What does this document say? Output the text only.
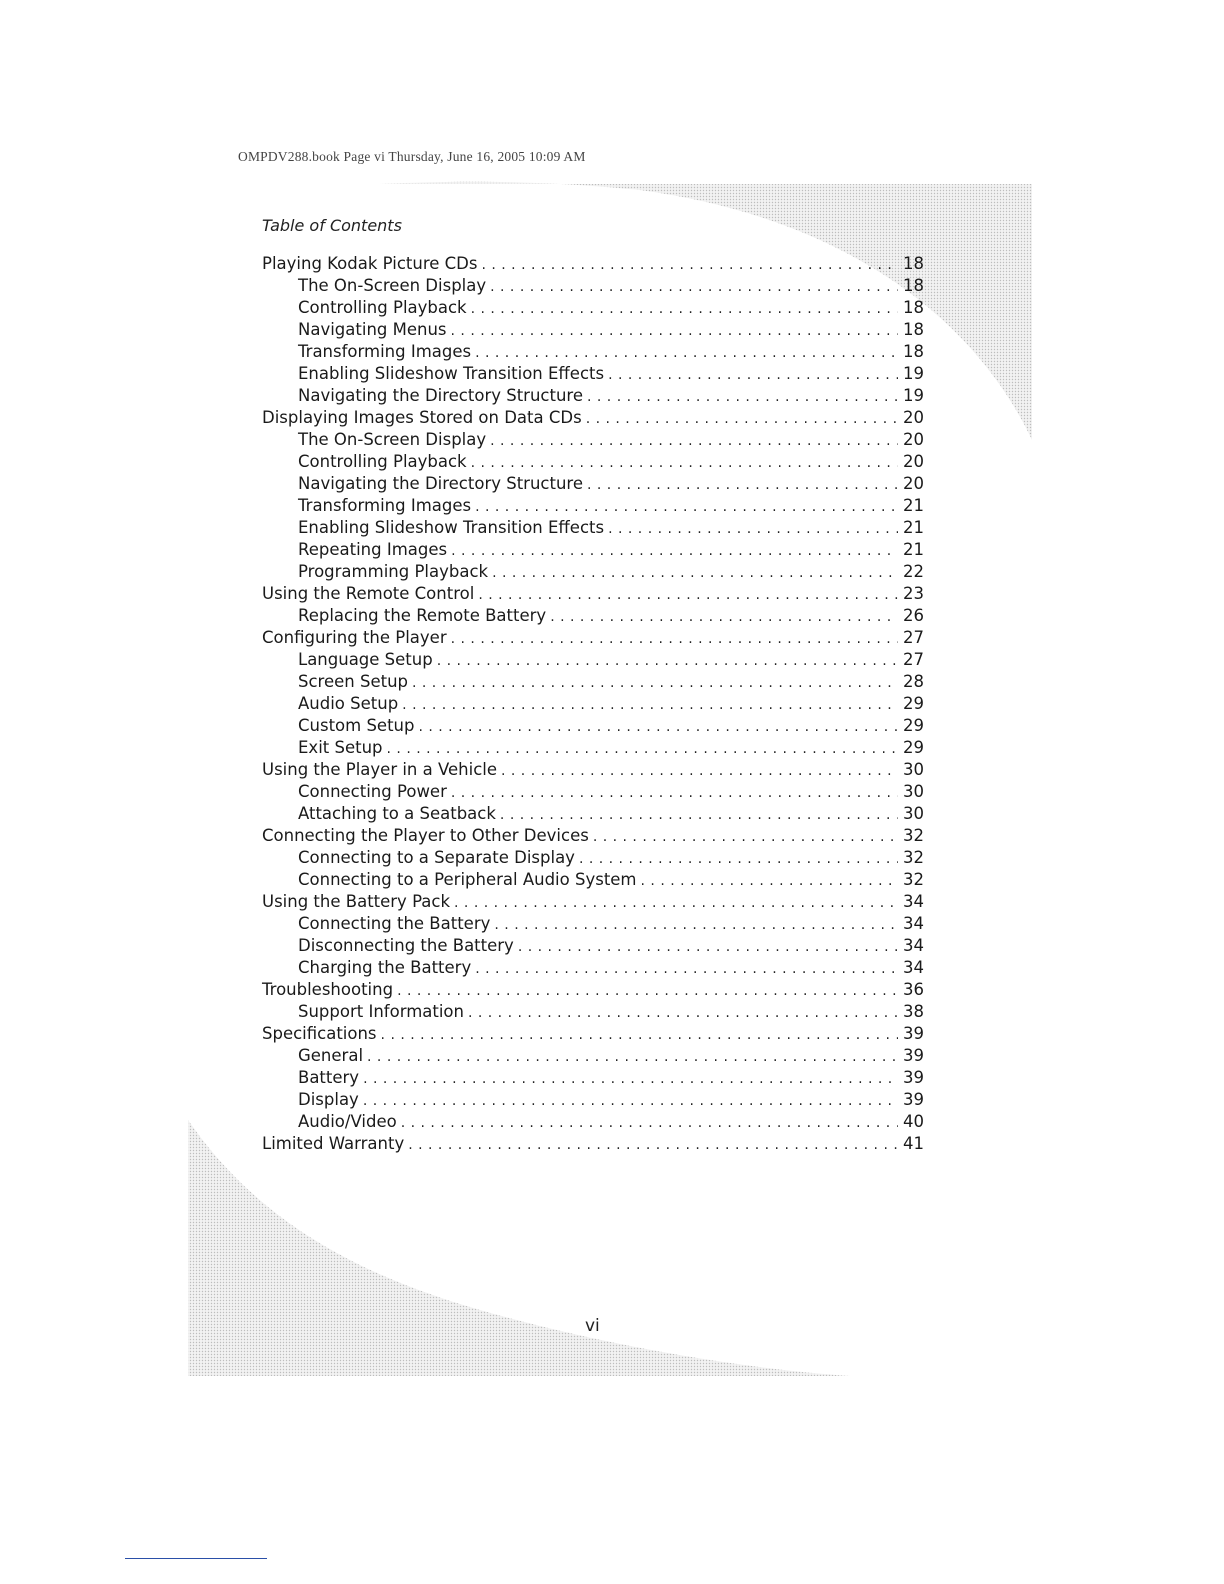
OMPDV288.book Page vi Thursday, June 16, 2005 10:09 AM
Table of Contents
Playing Kodak Picture CDs . . .	18
The On-Screen Display . . .	18
Controlling Playback . . .	18
Navigating Menus . . .	18
Transforming Images . . .	18
Enabling Slideshow Transition Effects . . .	19
Navigating the Directory Structure . . .	19
Displaying Images Stored on Data CDs . . .	20
The On-Screen Display . . .	20
Controlling Playback . . .	20
Navigating the Directory Structure . . .	20
Transforming Images . . .	21
Enabling Slideshow Transition Effects . . .	21
Repeating Images . . .	21
Programming Playback . . .	22
Using the Remote Control . . .	23
Replacing the Remote Battery . . .	26
Configuring the Player . . .	27
Language Setup . . .	27
Screen Setup . . .	28
Audio Setup . . .	29
Custom Setup . . .	29
Exit Setup . . .	29
Using the Player in a Vehicle . . .	30
Connecting Power . . .	30
Attaching to a Seatback . . .	30
Connecting the Player to Other Devices . . .	32
Connecting to a Separate Display . . .	32
Connecting to a Peripheral Audio System . . .	32
Using the Battery Pack . . .	34
Connecting the Battery . . .	34
Disconnecting the Battery . . .	34
Charging the Battery . . .	34
Troubleshooting . . .	36
Support Information . . .	38
Specifications . . .	39
General . . .	39
Battery . . .	39
Display . . .	39
Audio/Video . . .	40
Limited Warranty . . .	41
vi
